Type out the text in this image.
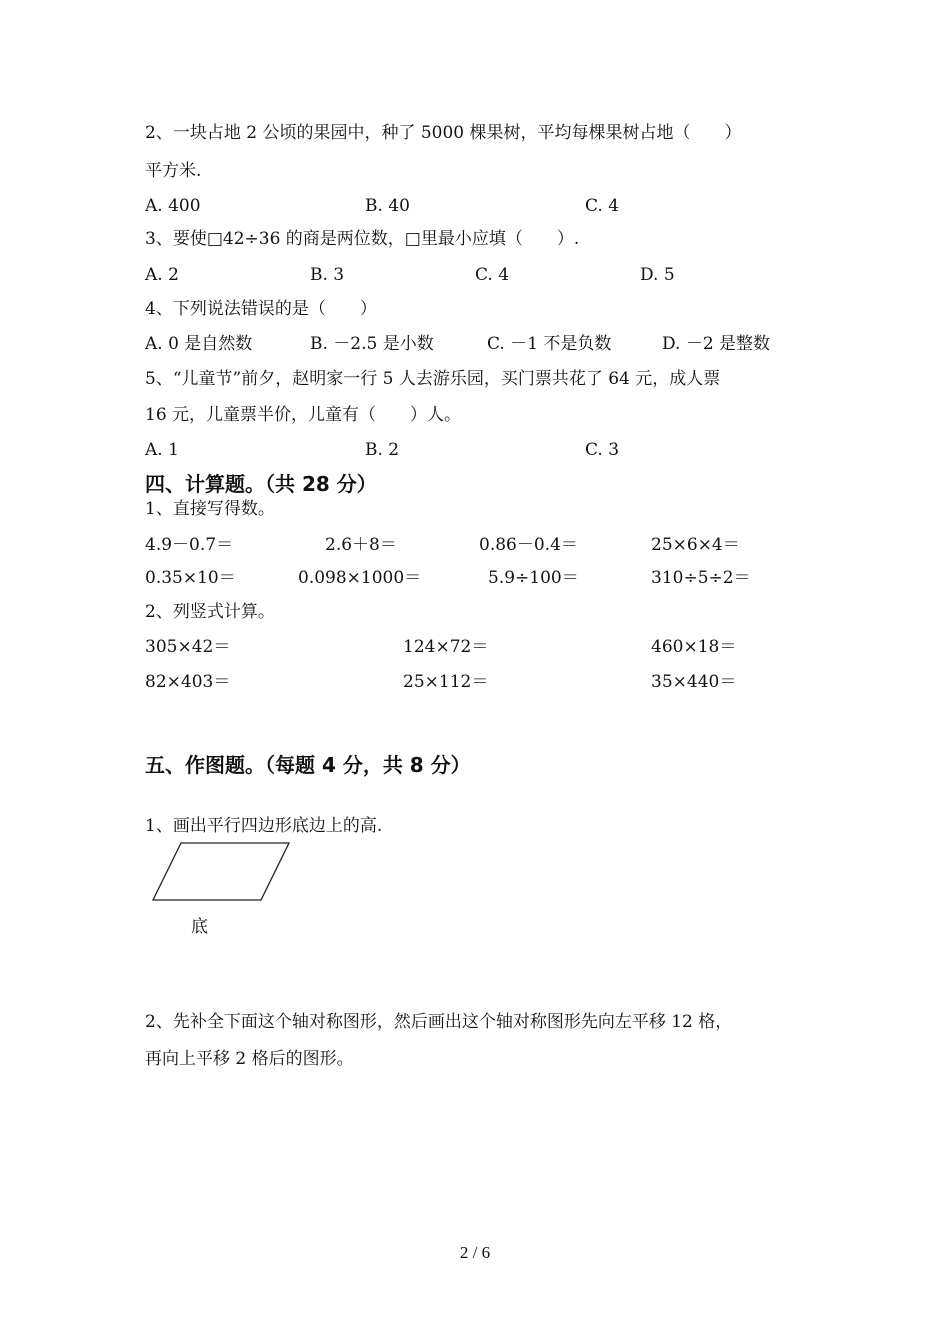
2、一块占地 2 公顷的果园中，种了 5000 棵果树，平均每棵果树占地（　　）
平方米.
A. 400	B. 40	C. 4
3、要使□42÷36 的商是两位数，□里最小应填（　　）.
A. 2	B. 3	C. 4	D. 5
4、下列说法错误的是（　　）
A. 0 是自然数	B. －2.5 是小数	C. －1 不是负数	D. －2 是整数
5、“儿童节”前夕，赵明家一行 5 人去游乐园，买门票共花了 64 元，成人票
16 元，儿童票半价，儿童有（　　）人。
A. 1	B. 2	C. 3
四、计算题。（共 28 分）
1、直接写得数。
4.9－0.7＝	2.6＋8＝	0.86－0.4＝	25×6×4＝
0.35×10＝	0.098×1000＝	5.9÷100＝	310÷5÷2＝
2、列竖式计算。
305×42＝	124×72＝	460×18＝
82×403＝	25×112＝	35×440＝
五、作图题。（每题 4 分，共 8 分）
1、画出平行四边形底边上的高.
底
2、先补全下面这个轴对称图形，然后画出这个轴对称图形先向左平移 12 格，
再向上平移 2 格后的图形。
2 / 6
